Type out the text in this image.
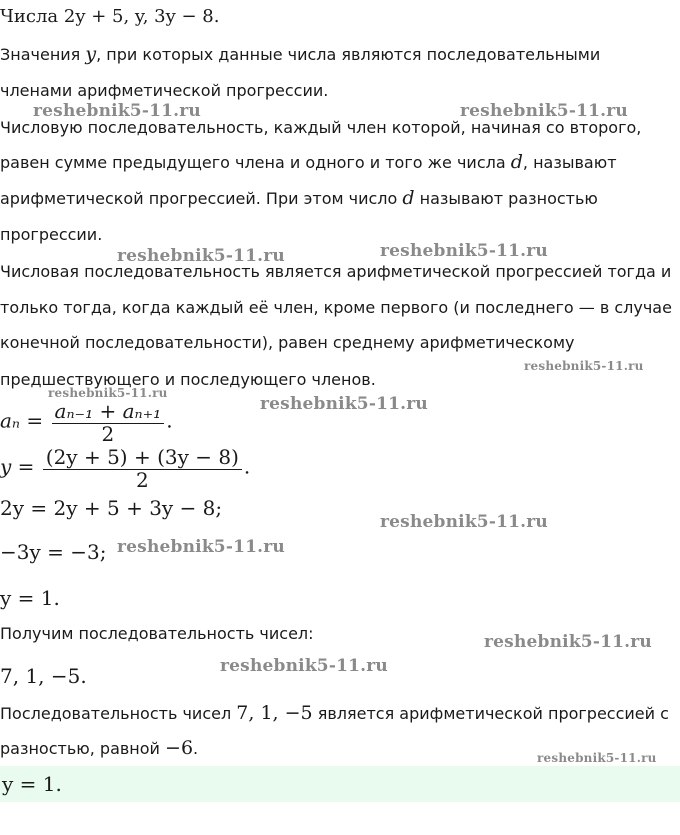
Числа 2y + 5, y, 3y − 8.
Значения y, при которых данные числа являются последовательными
членами арифметической прогрессии.
Числовую последовательность, каждый член которой, начиная со второго,
равен сумме предыдущего члена и одного и того же числа d, называют
арифметической прогрессией. При этом число d называют разностью
прогрессии.
Числовая последовательность является арифметической прогрессией тогда и
только тогда, когда каждый её член, кроме первого (и последнего — в случае
конечной последовательности), равен среднему арифметическому
предшествующего и последующего членов.
$a_n = \frac{\text{aₙ₋₁ + aₙ₊₁}}{2}$ .
$y = \frac{(2y + 5) + (3y - 8)}{2}$ .
2y = 2y + 5 + 3y − 8;
−3y = −3;
y = 1.
Получим последовательность чисел:
7, 1, −5.
Последовательность чисел 7, 1, −5 является арифметической прогрессией с
разностью, равной −6.
y = 1.
reshebnik5-11.ru	reshebnik5-11.ru
reshebnik5-11.ru	reshebnik5-11.ru
reshebnik5-11.ru
reshebnik5-11.ru
reshebnik5-11.ru
reshebnik5-11.ru
reshebnik5-11.ru
reshebnik5-11.ru
reshebnik5-11.ru
reshebnik5-11.ru
